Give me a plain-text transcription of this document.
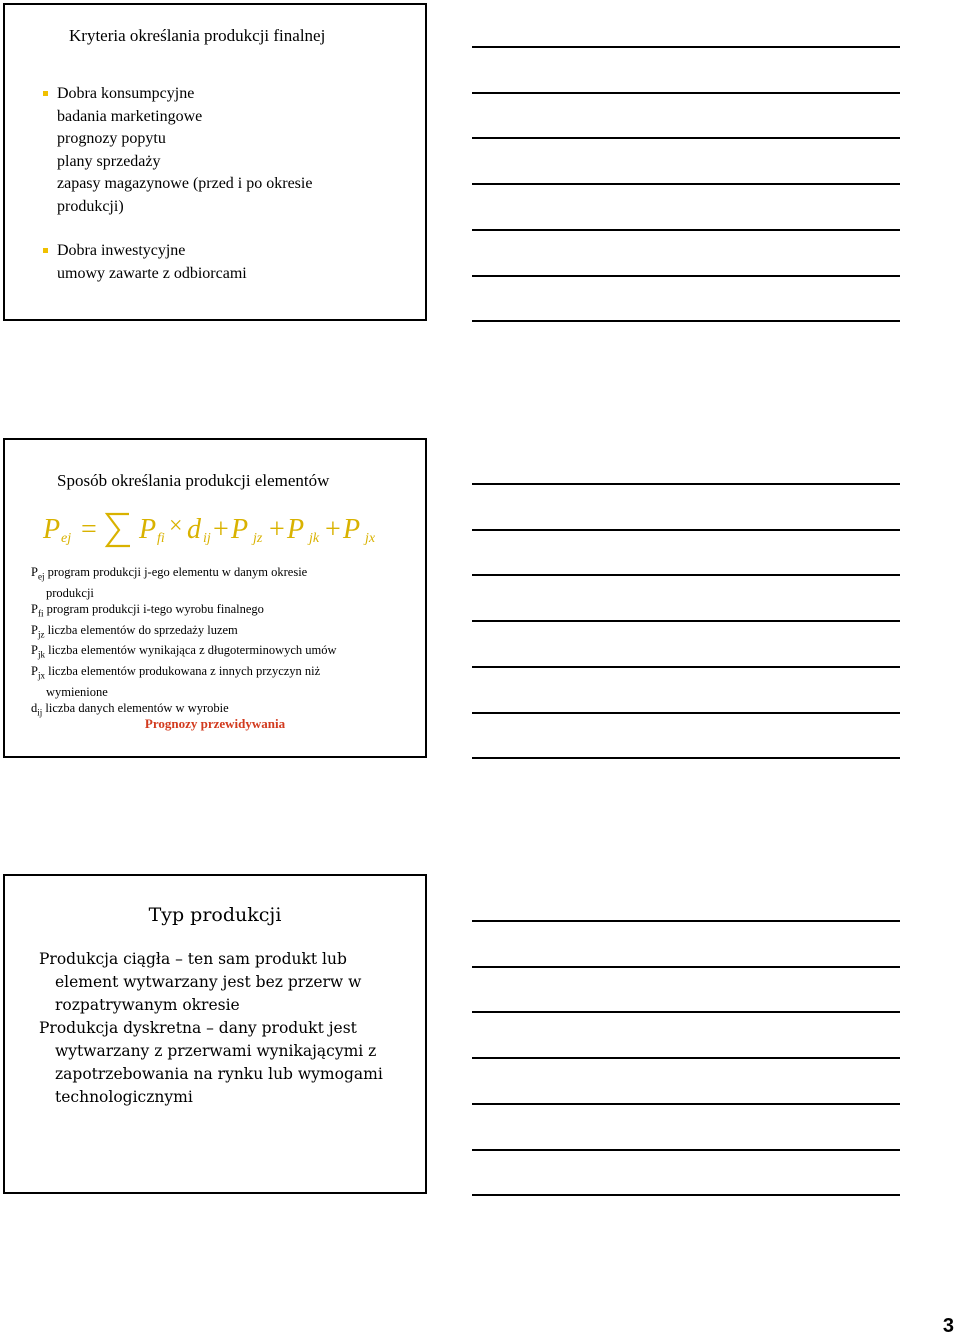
Kryteria określania produkcji finalnej
Dobra konsumpcyjne
badania marketingowe
prognozy popytu
plany sprzedaży
zapasy magazynowe (przed i po okresie
produkcji)
Dobra inwestycyjne
umowy zawarte z odbiorcami
Sposób określania produkcji elementów
P ej = P fi × d ij + P jz + P jk + P jx
$P_{ej}$ program produkcji j-ego elementu w danym okresie
produkcji
$P_{fi}$ program produkcji i-tego wyrobu finalnego
$P_{jz}$ liczba elementów do sprzedaży luzem
$P_{jk}$ liczba elementów wynikająca z długoterminowych umów
$P_{jx}$ liczba elementów produkowana z innych przyczyn niż
wymienione
$d_{ij}$ liczba danych elementów w wyrobie
Prognozy przewidywania
Typ produkcji
Produkcja ciągła – ten sam produkt lub
element wytwarzany jest bez przerw w
rozpatrywanym okresie
Produkcja dyskretna – dany produkt jest
wytwarzany z przerwami wynikającymi z
zapotrzebowania na rynku lub wymogami
technologicznymi
3
